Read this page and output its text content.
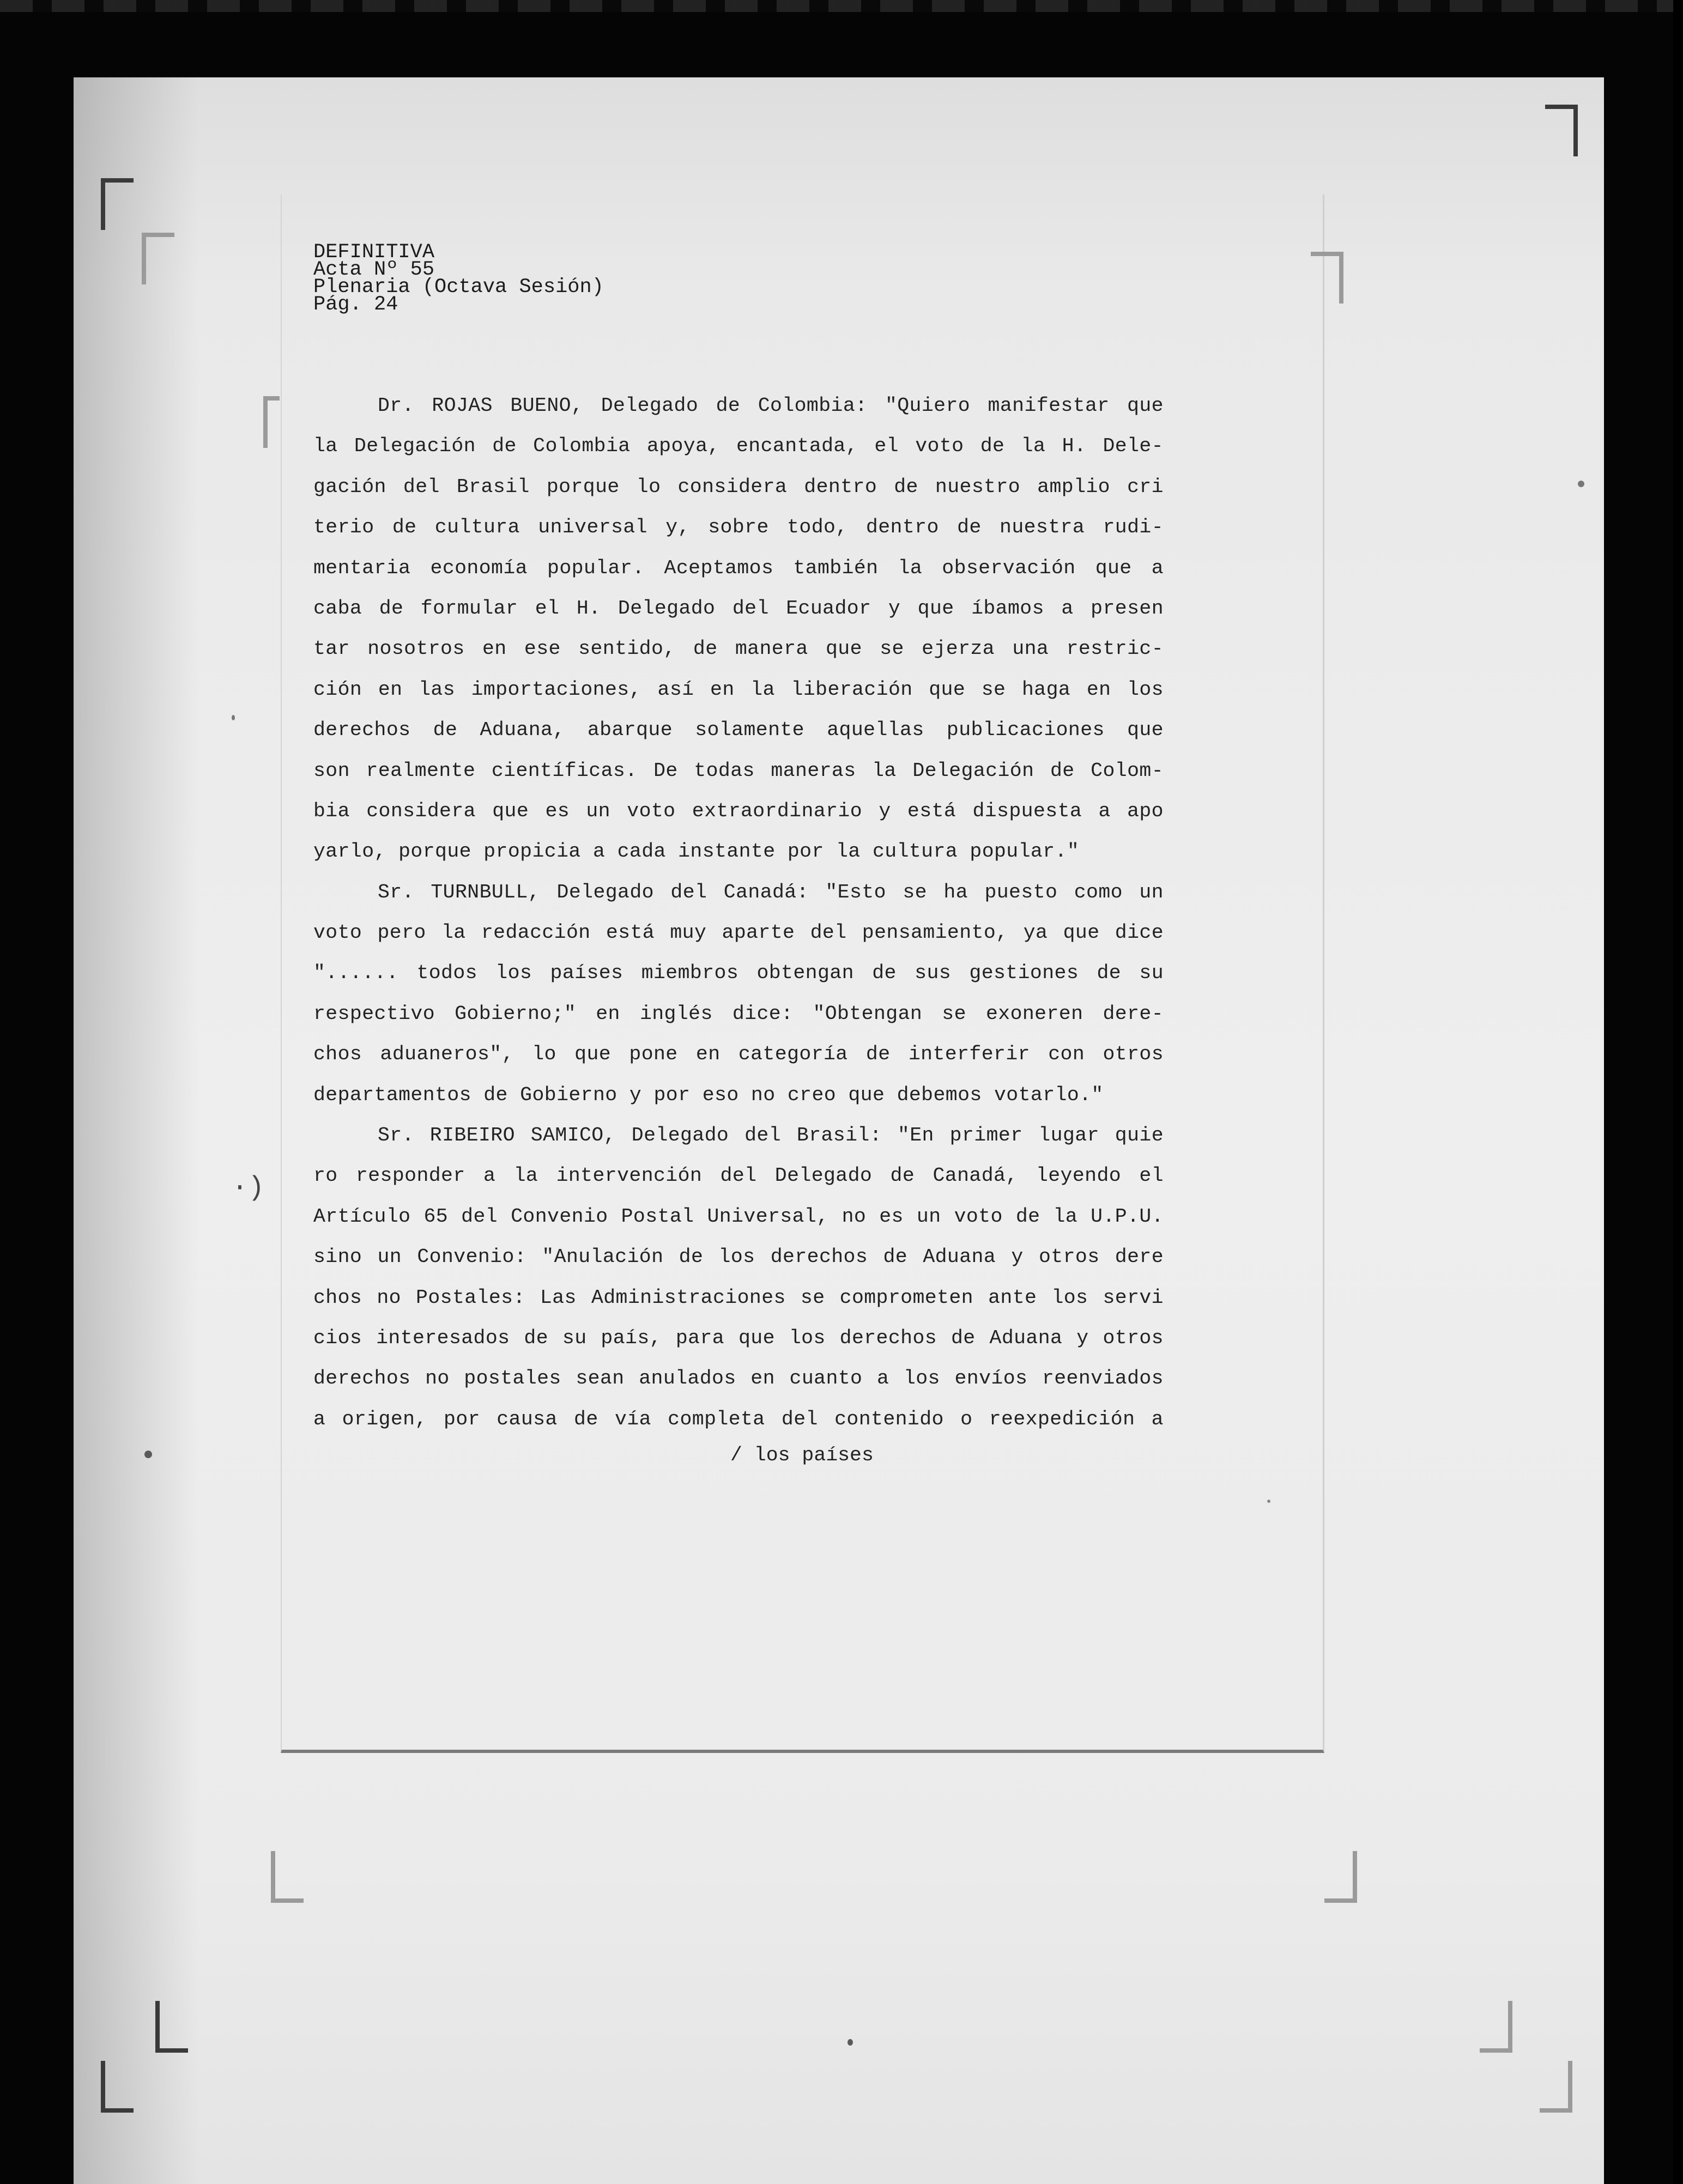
·)
DEFINITIVA
Acta Nº 55
Plenaria (Octava Sesión)
Pág. 24
Dr. ROJAS BUENO, Delegado de Colombia: "Quiero manifestar que
la Delegación de Colombia apoya, encantada, el voto de la H. Dele-
gación del Brasil porque lo considera dentro de nuestro amplio cri
terio de cultura universal y, sobre todo, dentro de nuestra rudi-
mentaria economía popular. Aceptamos también la observación que a
caba de formular el H. Delegado del Ecuador y que íbamos a presen
tar nosotros en ese sentido, de manera que se ejerza una restric-
ción en las importaciones, así en la liberación que se haga en los
derechos de Aduana, abarque solamente aquellas publicaciones que
son realmente científicas. De todas maneras la Delegación de Colom-
bia considera que es un voto extraordinario y está dispuesta a apo
yarlo, porque propicia a cada instante por la cultura popular."
Sr. TURNBULL, Delegado del Canadá: "Esto se ha puesto como un
voto pero la redacción está muy aparte del pensamiento, ya que dice
"...... todos los países miembros obtengan de sus gestiones de su
respectivo Gobierno;" en inglés dice: "Obtengan se exoneren dere-
chos aduaneros", lo que pone en categoría de interferir con otros
departamentos de Gobierno y por eso no creo que debemos votarlo."
Sr. RIBEIRO SAMICO, Delegado del Brasil: "En primer lugar quie
ro responder a la intervención del Delegado de Canadá, leyendo el
Artículo 65 del Convenio Postal Universal, no es un voto de la U.P.U.
sino un Convenio: "Anulación de los derechos de Aduana y otros dere
chos no Postales: Las Administraciones se comprometen ante los servi
cios interesados de su país, para que los derechos de Aduana y otros
derechos no postales sean anulados en cuanto a los envíos reenviados
a origen, por causa de vía completa del contenido o reexpedición a
/ los países
